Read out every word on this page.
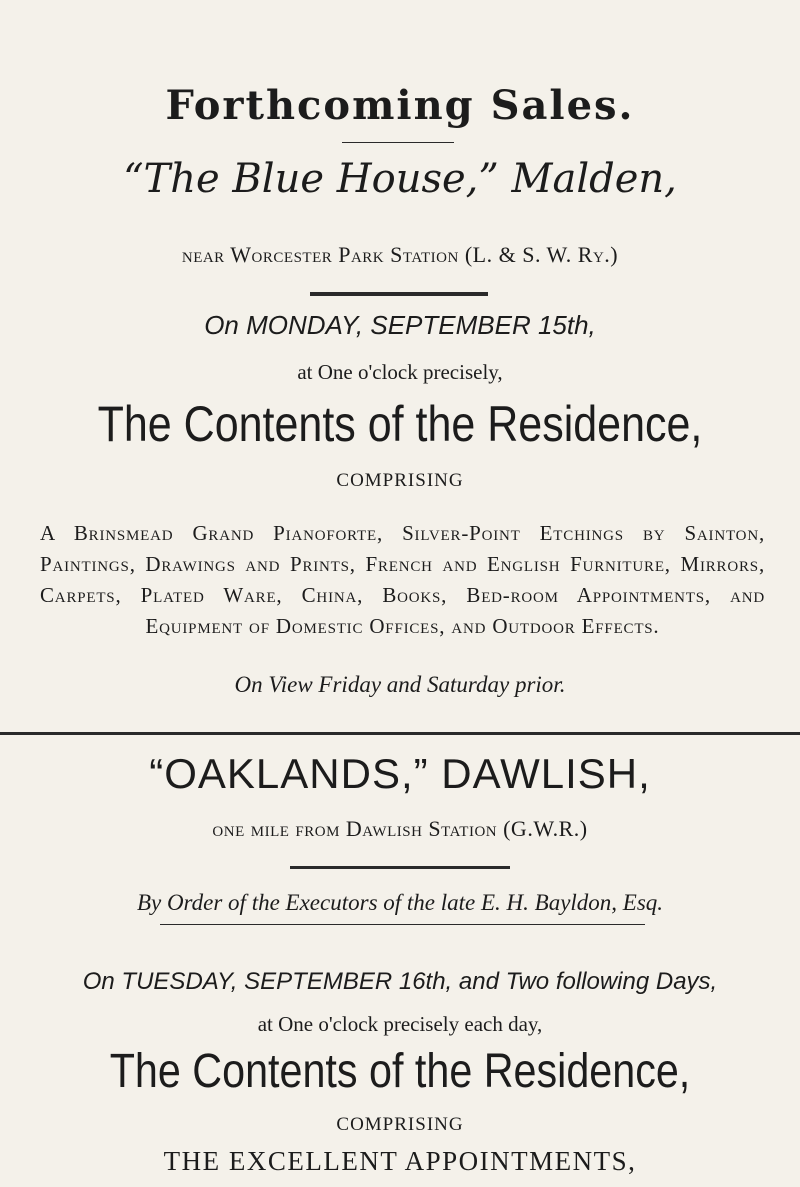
Forthcoming Sales.
“The Blue House,” Malden,
near Worcester Park Station (L. & S. W. Ry.)
On MONDAY, SEPTEMBER 15th,
at One o'clock precisely,
The Contents of the Residence,
COMPRISING
A Brinsmead Grand Pianoforte, Silver-Point Etchings by Sainton, Paintings, Drawings and Prints, French and English Furniture, Mirrors, Carpets, Plated Ware, China, Books, Bed-room Appointments, and Equipment of Domestic Offices, and Outdoor Effects.
On View Friday and Saturday prior.
“OAKLANDS,” DAWLISH,
one mile from Dawlish Station (G.W.R.)
By Order of the Executors of the late E. H. Bayldon, Esq.
On TUESDAY, SEPTEMBER 16th, and Two following Days,
at One o'clock precisely each day,
The Contents of the Residence,
COMPRISING
THE EXCELLENT APPOINTMENTS,
